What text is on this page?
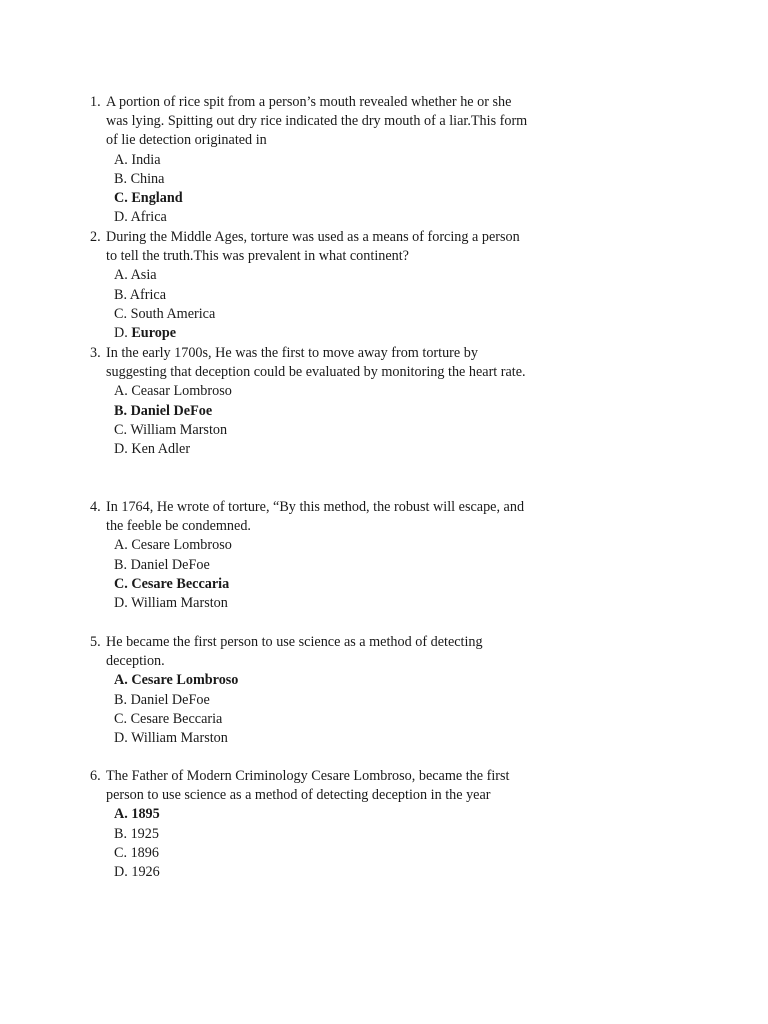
1. A portion of rice spit from a person’s mouth revealed whether he or she was lying. Spitting out dry rice indicated the dry mouth of a liar.This form of lie detection originated in
A. India
B. China
C. England
D. Africa
2. During the Middle Ages, torture was used as a means of forcing a person to tell the truth.This was prevalent in what continent?
A. Asia
B. Africa
C. South America
D. Europe
3. In the early 1700s, He was the first to move away from torture by suggesting that deception could be evaluated by monitoring the heart rate.
A. Ceasar Lombroso
B. Daniel DeFoe
C. William Marston
D. Ken Adler
4. In 1764, He wrote of torture, “By this method, the robust will escape, and the feeble be condemned.
A. Cesare Lombroso
B. Daniel DeFoe
C. Cesare Beccaria
D. William Marston
5. He became the first person to use science as a method of detecting deception.
A. Cesare Lombroso
B. Daniel DeFoe
C. Cesare Beccaria
D. William Marston
6. The Father of Modern Criminology Cesare Lombroso, became the first person to use science as a method of detecting deception in the year
A. 1895
B. 1925
C. 1896
D. 1926
